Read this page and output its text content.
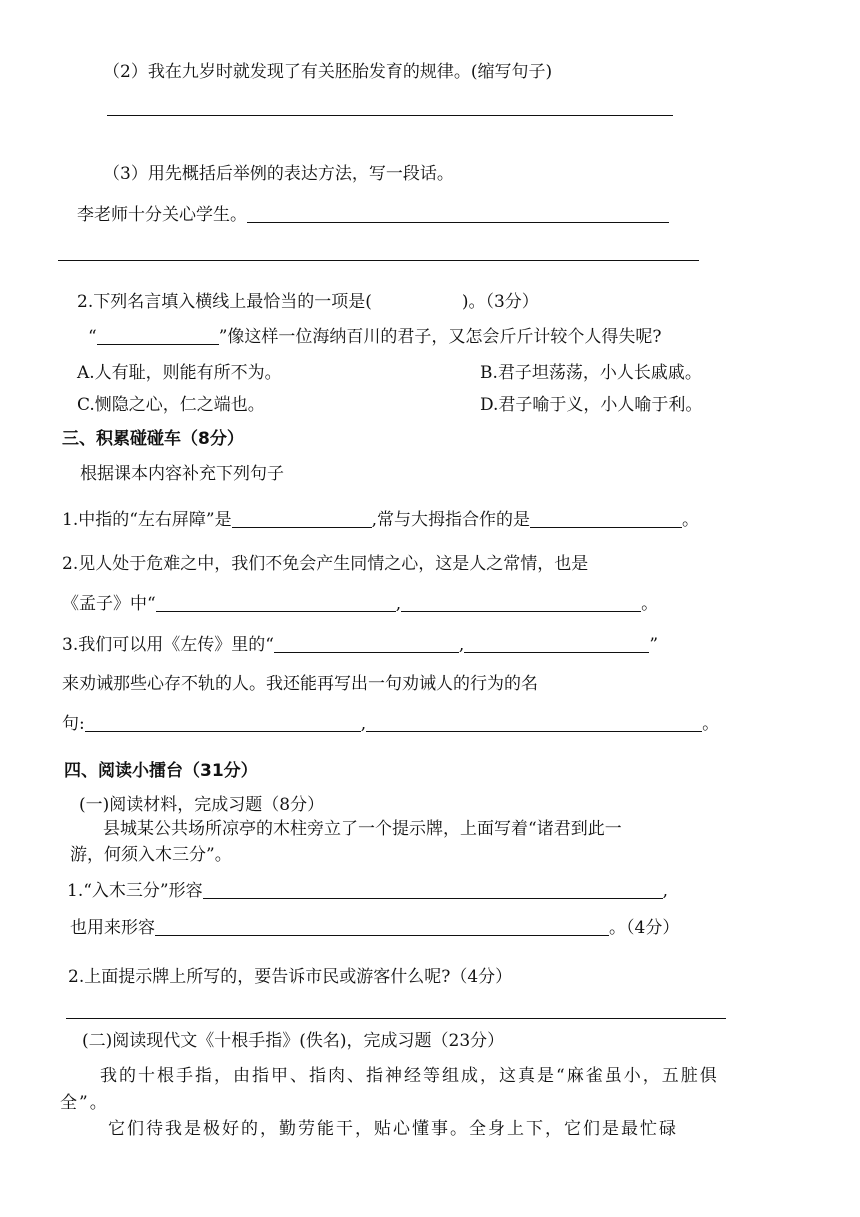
（2）我在九岁时就发现了有关胚胎发育的规律。(缩写句子)
（3）用先概括后举例的表达方法，写一段话。
李老师十分关心学生。
2.下列名言填入横线上最恰当的一项是(	)。（3分）
“	”像这样一位海纳百川的君子，又怎会斤斤计较个人得失呢?
A.人有耻，则能有所不为。	B.君子坦荡荡，小人长戚戚。
C.恻隐之心，仁之端也。	D.君子喻于义，小人喻于利。
三、积累碰碰车（8分）
根据课本内容补充下列句子
1.中指的“左右屏障”是	,常与大拇指合作的是	。
2.见人处于危难之中，我们不免会产生同情之心，这是人之常情，也是
《孟子》中“	,	。
3.我们可以用《左传》里的“	,	”
来劝诫那些心存不轨的人。我还能再写出一句劝诫人的行为的名
句:	,	。
四、阅读小擂台（31分）
(一)阅读材料，完成习题（8分）
县城某公共场所凉亭的木柱旁立了一个提示牌，上面写着“诸君到此一
游，何须入木三分”。
1.“入木三分”形容	,
也用来形容	。（4分）
2.上面提示牌上所写的，要告诉市民或游客什么呢?（4分）
(二)阅读现代文《十根手指》(佚名)，完成习题（23分）
我的十根手指，由指甲、指肉、指神经等组成，这真是“麻雀虽小，五脏俱
全”。
它们待我是极好的，勤劳能干，贴心懂事。全身上下，它们是最忙碌
